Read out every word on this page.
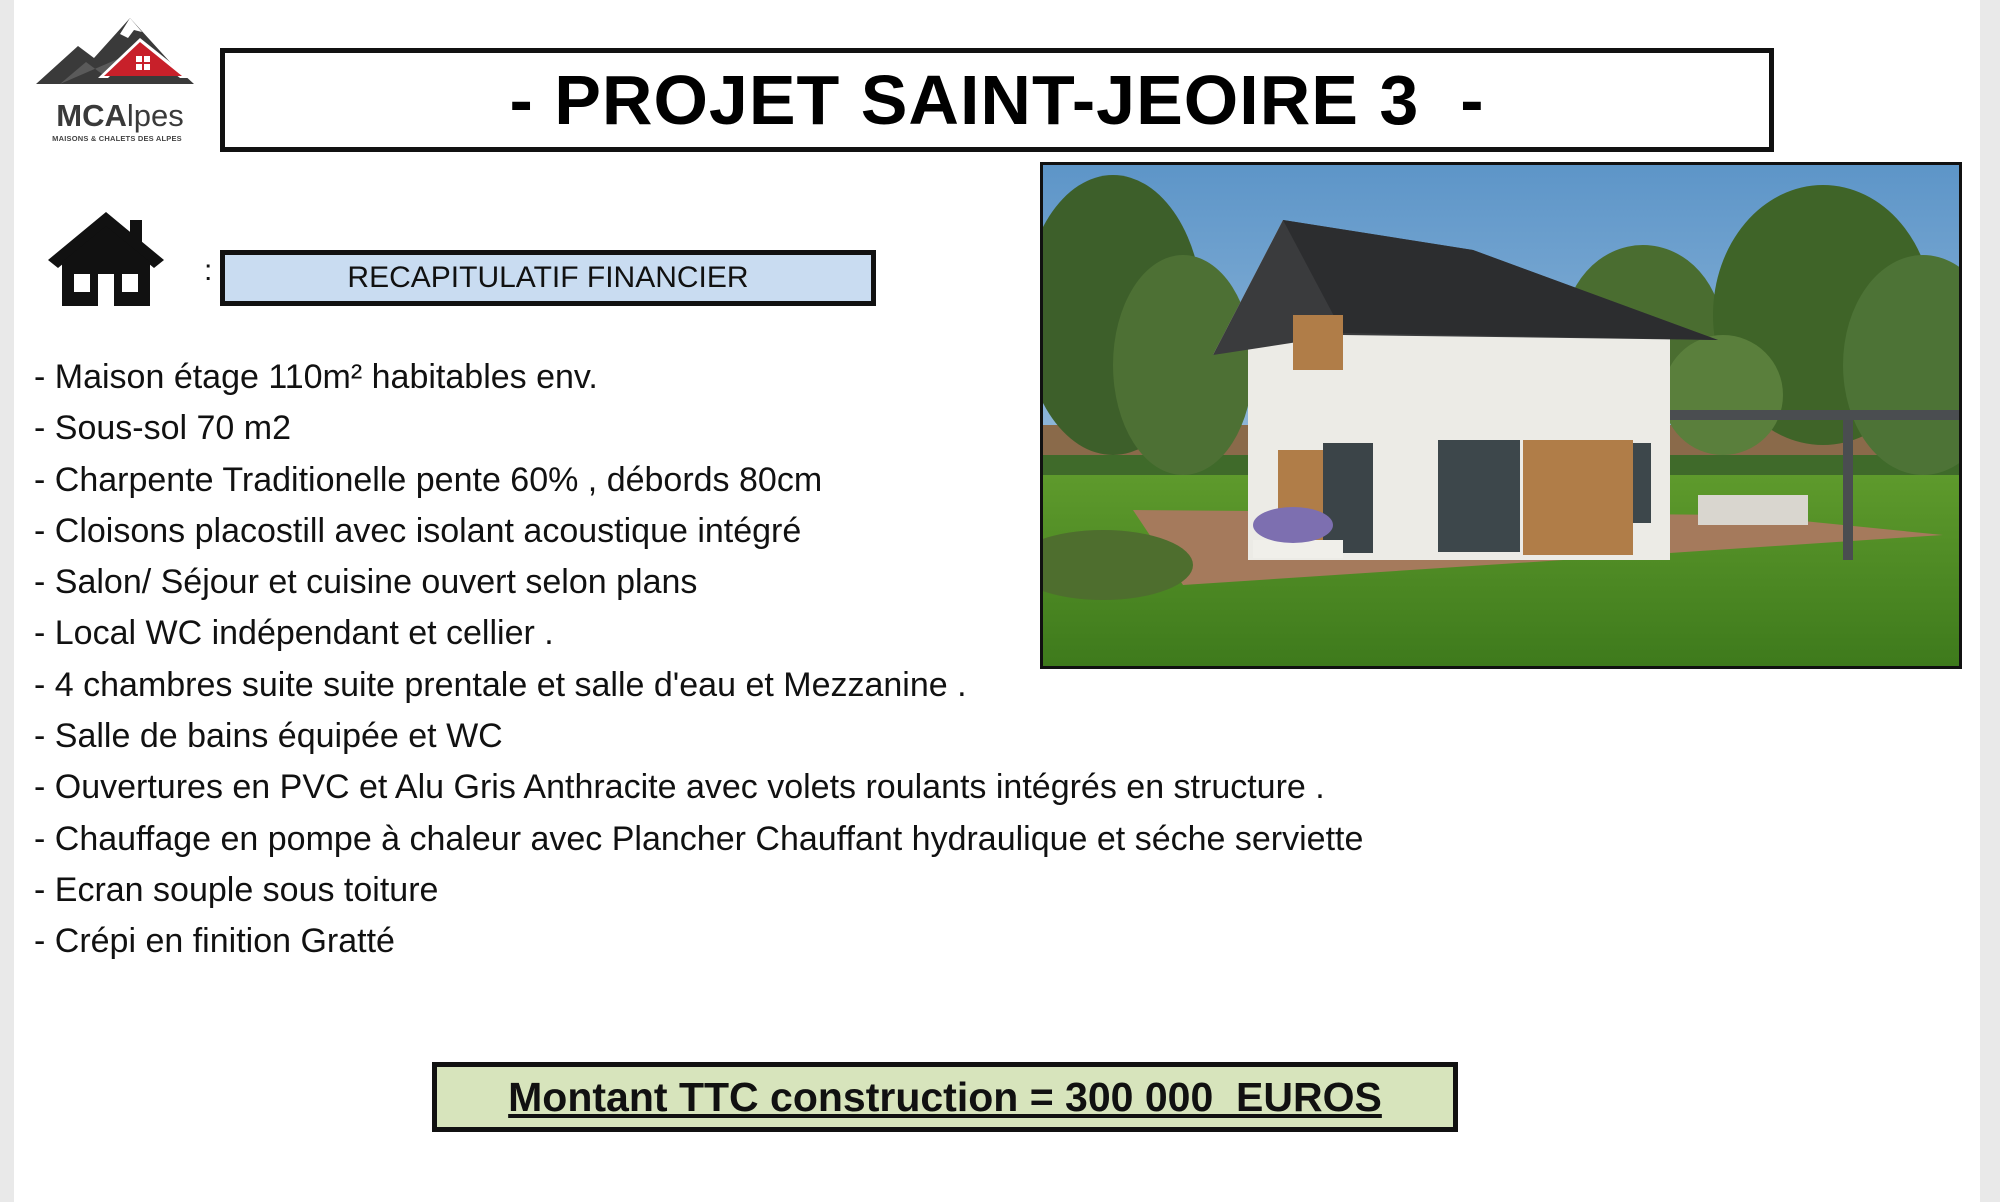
MCAlpes
MAISONS & CHALETS DES ALPES	- PROJET SAINT-JEOIRE 3  -
:	RECAPITULATIF FINANCIER
- Maison étage 110m² habitables env.
- Sous-sol 70 m2
- Charpente Traditionelle pente 60% , débords 80cm
- Cloisons placostill avec isolant acoustique intégré
- Salon/ Séjour et cuisine ouvert selon plans
- Local WC indépendant et cellier .
- 4 chambres suite suite prentale et salle d'eau et Mezzanine .
- Salle de bains équipée et WC
- Ouvertures en PVC et Alu Gris Anthracite avec volets roulants intégrés en structure .
- Chauffage en pompe à chaleur avec Plancher Chauffant hydraulique et séche serviette
- Ecran souple sous toiture
- Crépi en finition Gratté
Montant TTC construction = 300 000  EUROS
